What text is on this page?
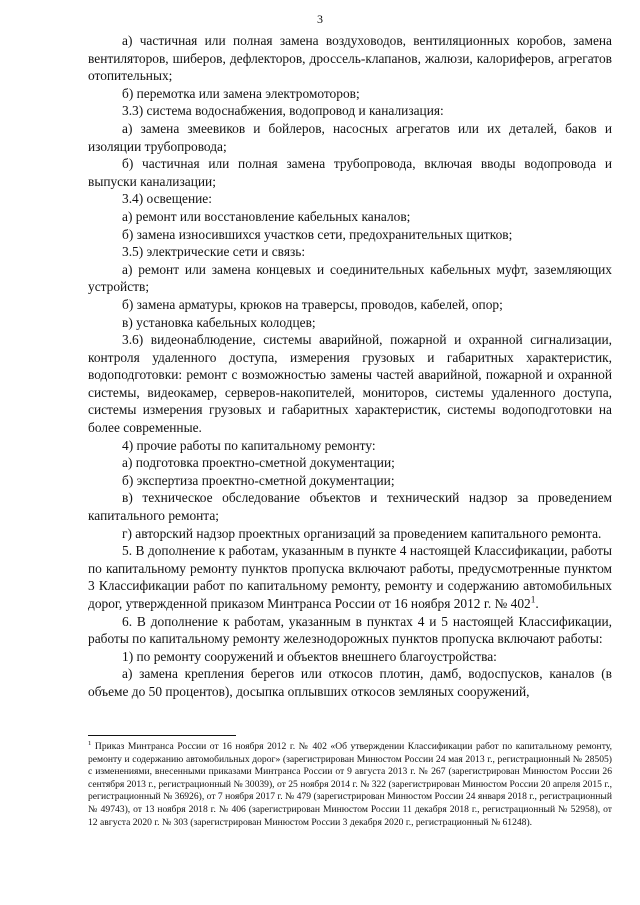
3

а) частичная или полная замена воздуховодов, вентиляционных коробов, замена вентиляторов, шиберов, дефлекторов, дроссель-клапанов, жалюзи, калориферов, агрегатов отопительных;

б) перемотка или замена электромоторов;

3.3) система водоснабжения, водопровод и канализация:

а) замена змеевиков и бойлеров, насосных агрегатов или их деталей, баков и изоляции трубопровода;

б) частичная или полная замена трубопровода, включая вводы водопровода и выпуски канализации;

3.4) освещение:

а) ремонт или восстановление кабельных каналов;

б) замена износившихся участков сети, предохранительных щитков;

3.5) электрические сети и связь:

а) ремонт или замена концевых и соединительных кабельных муфт, заземляющих устройств;

б) замена арматуры, крюков на траверсы, проводов, кабелей, опор;

в) установка кабельных колодцев;

3.6) видеонаблюдение, системы аварийной, пожарной и охранной сигнализации, контроля удаленного доступа, измерения грузовых и габаритных характеристик, водоподготовки: ремонт с возможностью замены частей аварийной, пожарной и охранной системы, видеокамер, серверов-накопителей, мониторов, системы удаленного доступа, системы измерения грузовых и габаритных характеристик, системы водоподготовки на более современные.

4) прочие работы по капитальному ремонту:

а) подготовка проектно-сметной документации;

б) экспертиза проектно-сметной документации;

в) техническое обследование объектов и технический надзор за проведением капитального ремонта;

г) авторский надзор проектных организаций за проведением капитального ремонта.

5. В дополнение к работам, указанным в пункте 4 настоящей Классификации, работы по капитальному ремонту пунктов пропуска включают работы, предусмотренные пунктом 3 Классификации работ по капитальному ремонту, ремонту и содержанию автомобильных дорог, утвержденной приказом Минтранса России от 16 ноября 2012 г. № $402^1$.

6. В дополнение к работам, указанным в пунктах 4 и 5 настоящей Классификации, работы по капитальному ремонту железнодорожных пунктов пропуска включают работы:

1) по ремонту сооружений и объектов внешнего благоустройства:

а) замена крепления берегов или откосов плотин, дамб, водоспусков, каналов (в объеме до 50 процентов), досыпка оплывших откосов земляных сооружений,

$^1$ Приказ Минтранса России от 16 ноября 2012 г. № 402 «Об утверждении Классификации работ по капитальному ремонту, ремонту и содержанию автомобильных дорог» (зарегистрирован Минюстом России 24 мая 2013 г., регистрационный № 28505) с изменениями, внесенными приказами Минтранса России от 9 августа 2013 г. № 267 (зарегистрирован Минюстом России 26 сентября 2013 г., регистрационный № 30039), от 25 ноября 2014 г. № 322 (зарегистрирован Минюстом России 20 апреля 2015 г., регистрационный № 36926), от 7 ноября 2017 г. № 479 (зарегистрирован Минюстом России 24 января 2018 г., регистрационный № 49743), от 13 ноября 2018 г. № 406 (зарегистрирован Минюстом России 11 декабря 2018 г., регистрационный № 52958), от 12 августа 2020 г. № 303 (зарегистрирован Минюстом России 3 декабря 2020 г., регистрационный № 61248).
